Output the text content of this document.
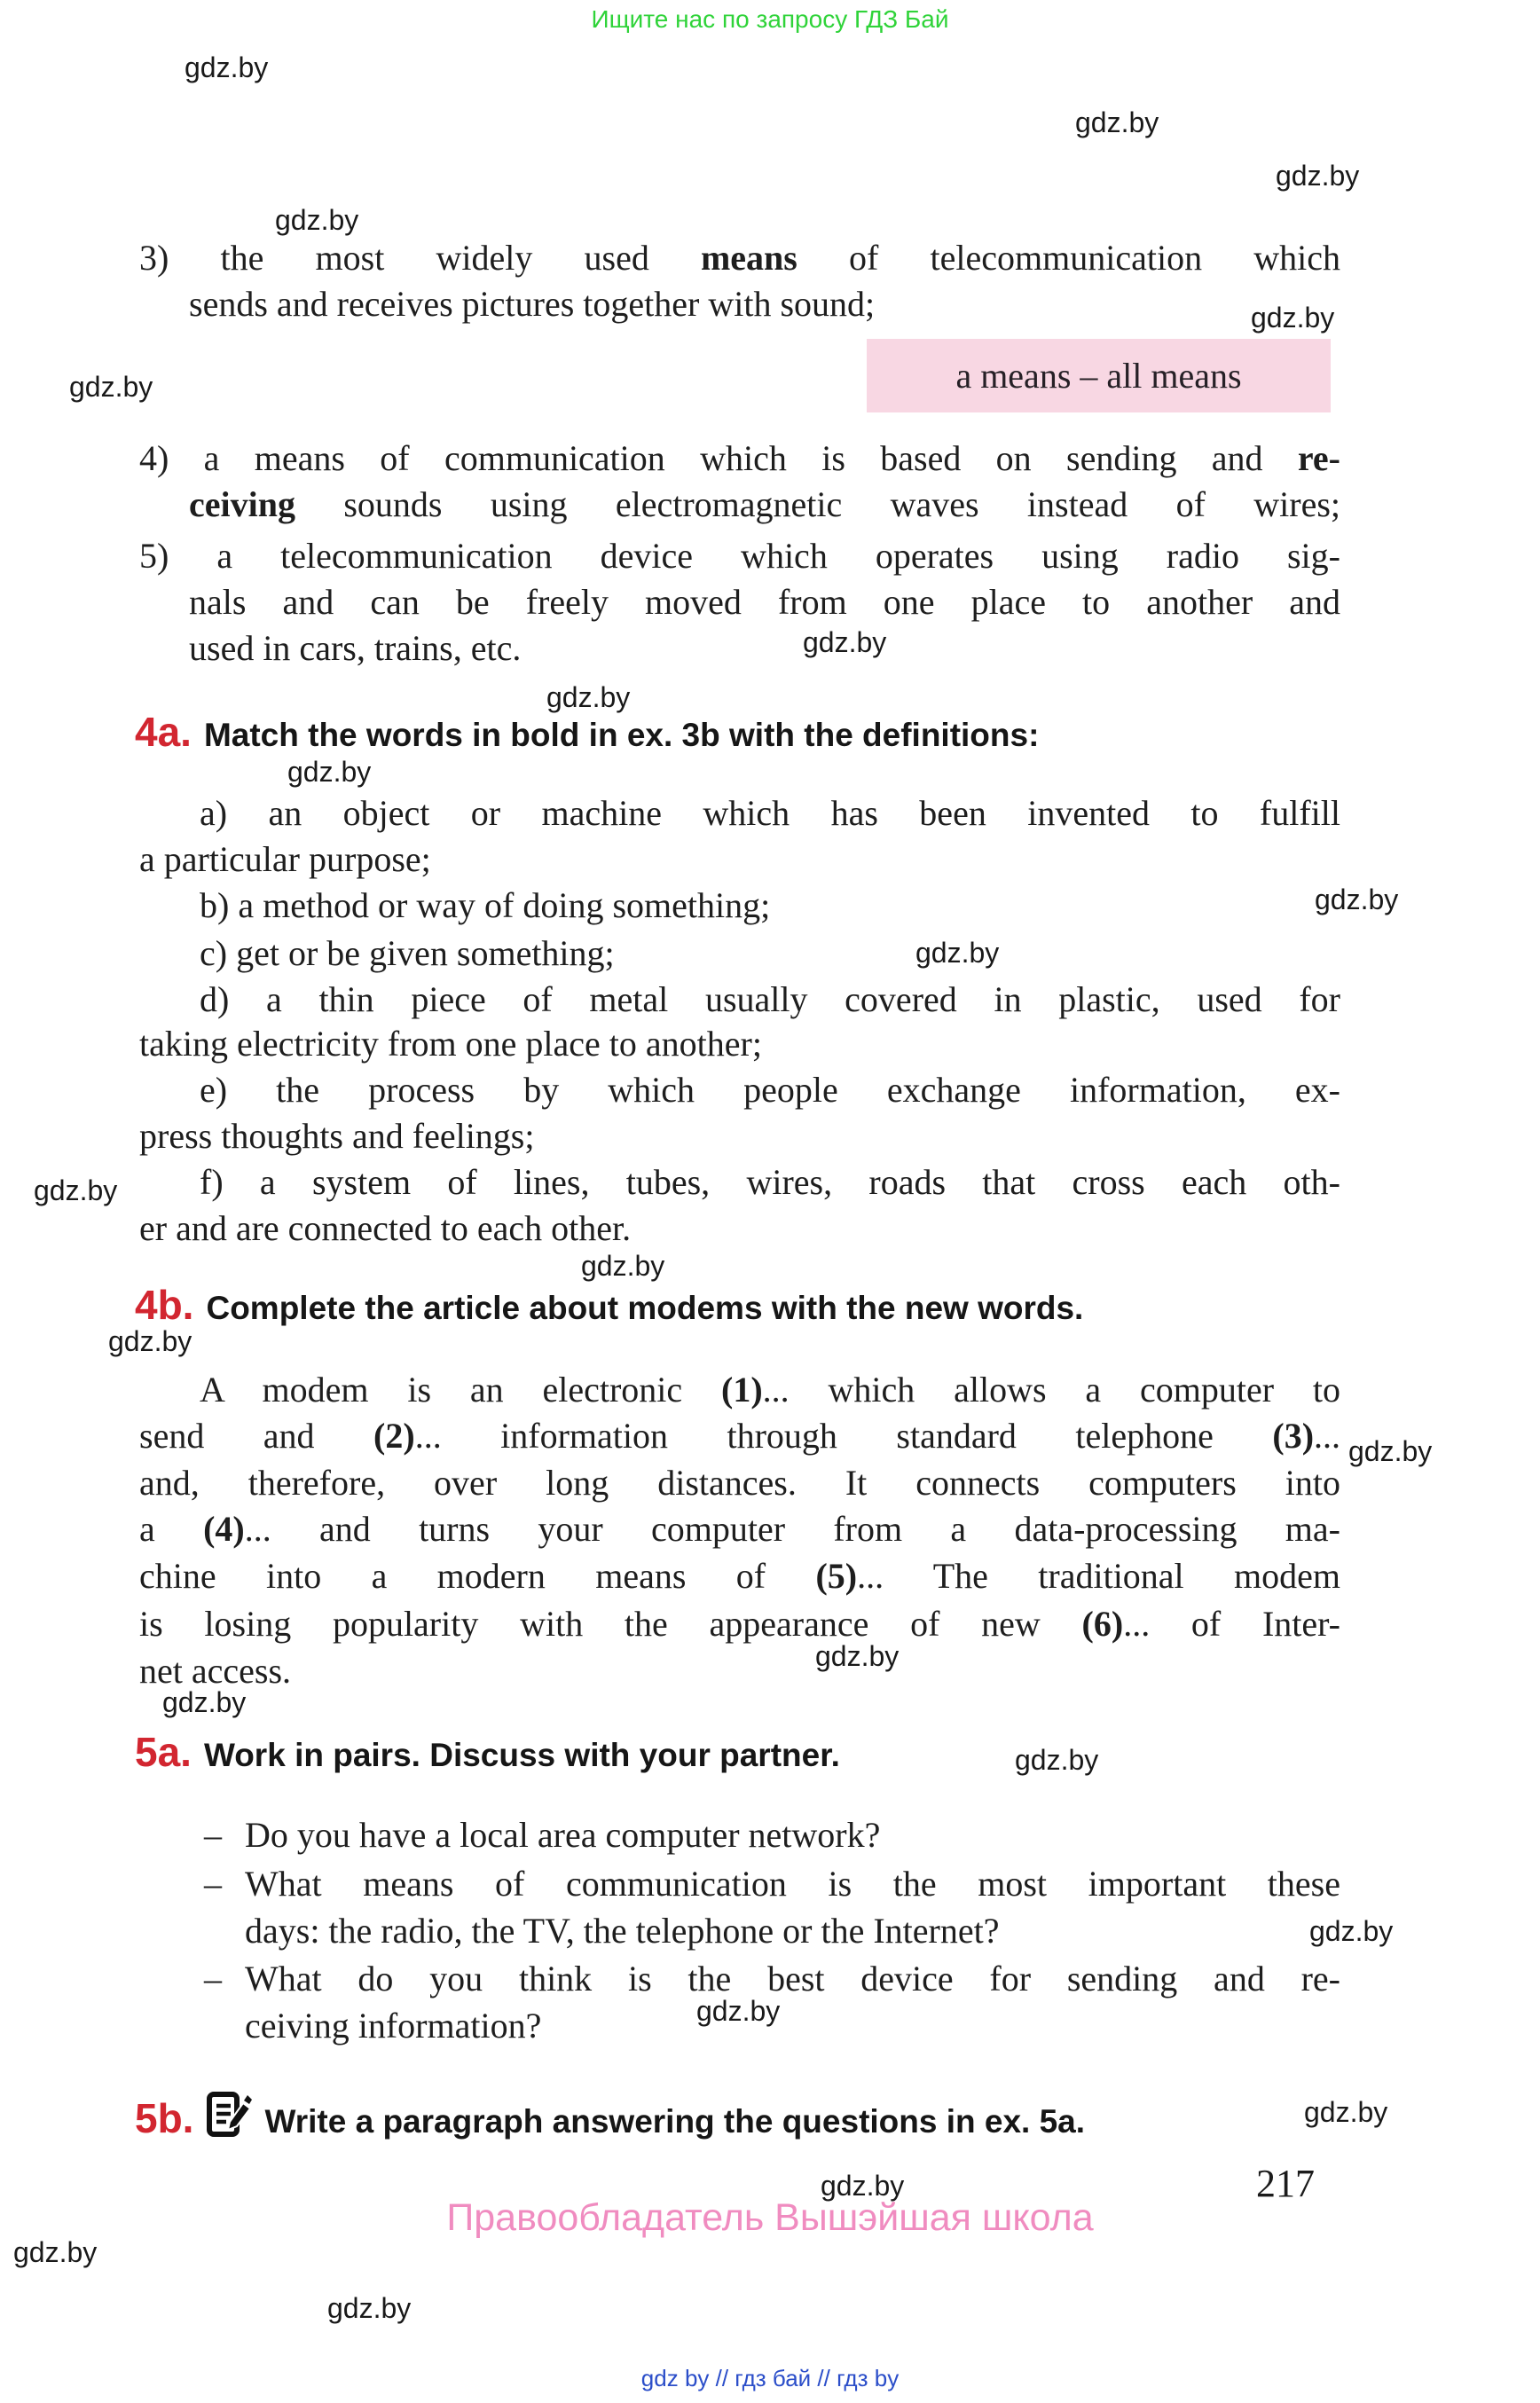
Ищите нас по запросу ГДЗ Бай
3) the most widely used means of telecommunication which
sends and receives pictures together with sound;
a means – all means
4) a means of communication which is based on sending and re-
ceiving sounds using electromagnetic waves instead of wires;
5) a telecommunication device which operates using radio sig-
nals and can be freely moved from one place to another and
used in cars, trains, etc.
4a. Match the words in bold in ex. 3b with the definitions:
a) an object or machine which has been invented to fulfill
a particular purpose;
b) a method or way of doing something;
c) get or be given something;
d) a thin piece of metal usually covered in plastic, used for
taking electricity from one place to another;
e) the process by which people exchange information, ex-
press thoughts and feelings;
f) a system of lines, tubes, wires, roads that cross each oth-
er and are connected to each other.
4b. Complete the article about modems with the new words.
A modem is an electronic (1)... which allows a computer to
send and (2)... information through standard telephone (3)...
and, therefore, over long distances. It connects computers into
a (4)... and turns your computer from a data-processing ma-
chine into a modern means of (5)... The traditional modem
is losing popularity with the appearance of new (6)... of Inter-
net access.
5a. Work in pairs. Discuss with your partner.
– Do you have a local area computer network?
– What means of communication is the most important these
days: the radio, the TV, the telephone or the Internet?
– What do you think is the best device for sending and re-
ceiving information?
5b. Write a paragraph answering the questions in ex. 5a.
217
Правообладатель Вышэйшая школа
gdz by // гдз бай // гдз by
gdz.by
gdz.by
gdz.by
gdz.by
gdz.by
gdz.by
gdz.by
gdz.by
gdz.by
gdz.by
gdz.by
gdz.by
gdz.by
gdz.by
gdz.by
gdz.by
gdz.by
gdz.by
gdz.by
gdz.by
gdz.by
gdz.by
gdz.by
gdz.by
